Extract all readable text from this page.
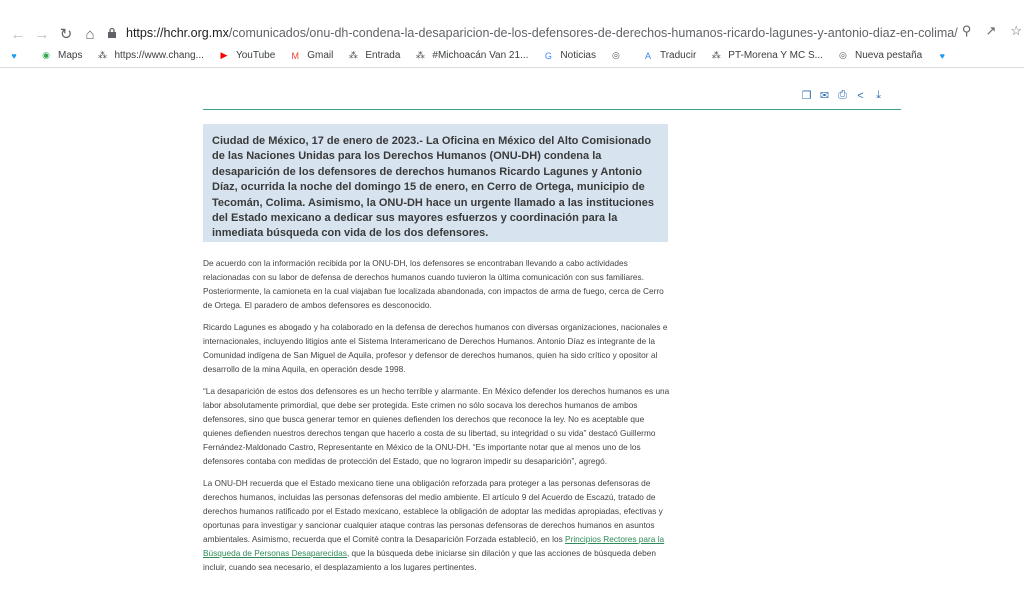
← → ↻ ⌂	https://hchr.org.mx /comunicados/onu-dh-condena-la-desaparicion-de-los-defensores-de-derechos-humanos-ricardo-lagunes-y-antonio-diaz-en-colima/ ⚲ ↗ ☆
♥	◉ Maps ⁂ https://www.chang... ▶ YouTube M Gmail ⁂ Entrada ⁂ #Michoacán Van 21... G Noticias ◎	A Traducir ⁂ PT-Morena Y MC S... ◎ Nueva pestaña	♥
❐ ✉ ⎙ <	⤓
Ciudad de México, 17 de enero de 2023.- La Oficina en México del Alto Comisionado de las Naciones Unidas para los Derechos Humanos (ONU-DH) condena la desaparición de los defensores de derechos humanos Ricardo Lagunes y Antonio Díaz, ocurrida la noche del domingo 15 de enero, en Cerro de Ortega, municipio de Tecomán, Colima. Asimismo, la ONU-DH hace un urgente llamado a las instituciones del Estado mexicano a dedicar sus mayores esfuerzos y coordinación para la inmediata búsqueda con vida de los dos defensores.

De acuerdo con la información recibida por la ONU-DH, los defensores se encontraban llevando a cabo actividades relacionadas con su labor de defensa de derechos humanos cuando tuvieron la última comunicación con sus familiares. Posteriormente, la camioneta en la cual viajaban fue localizada abandonada, con impactos de arma de fuego, cerca de Cerro de Ortega. El paradero de ambos defensores es desconocido.

Ricardo Lagunes es abogado y ha colaborado en la defensa de derechos humanos con diversas organizaciones, nacionales e internacionales, incluyendo litigios ante el Sistema Interamericano de Derechos Humanos. Antonio Díaz es integrante de la Comunidad indígena de San Miguel de Aquila, profesor y defensor de derechos humanos, quien ha sido crítico y opositor al desarrollo de la mina Aquila, en operación desde 1998.

“La desaparición de estos dos defensores es un hecho terrible y alarmante. En México defender los derechos humanos es una labor absolutamente primordial, que debe ser protegida. Este crimen no sólo socava los derechos humanos de ambos defensores, sino que busca generar temor en quienes defienden los derechos que reconoce la ley. No es aceptable que quienes defienden nuestros derechos tengan que hacerlo a costa de su libertad, su integridad o su vida” destacó Guillermo Fernández-Maldonado Castro, Representante en México de la ONU-DH. “Es importante notar que al menos uno de los defensores contaba con medidas de protección del Estado, que no lograron impedir su desaparición”, agregó.

La ONU-DH recuerda que el Estado mexicano tiene una obligación reforzada para proteger a las personas defensoras de derechos humanos, incluidas las personas defensoras del medio ambiente. El artículo 9 del Acuerdo de Escazú, tratado de derechos humanos ratificado por el Estado mexicano, establece la obligación de adoptar las medidas apropiadas, efectivas y oportunas para investigar y sancionar cualquier ataque contras las personas defensoras de derechos humanos en asuntos ambientales. Asimismo, recuerda que el Comité contra la Desaparición Forzada estableció, en los Principios Rectores para la Búsqueda de Personas Desaparecidas, que la búsqueda debe iniciarse sin dilación y que las acciones de búsqueda deben incluir, cuando sea necesario, el desplazamiento a los lugares pertinentes.
